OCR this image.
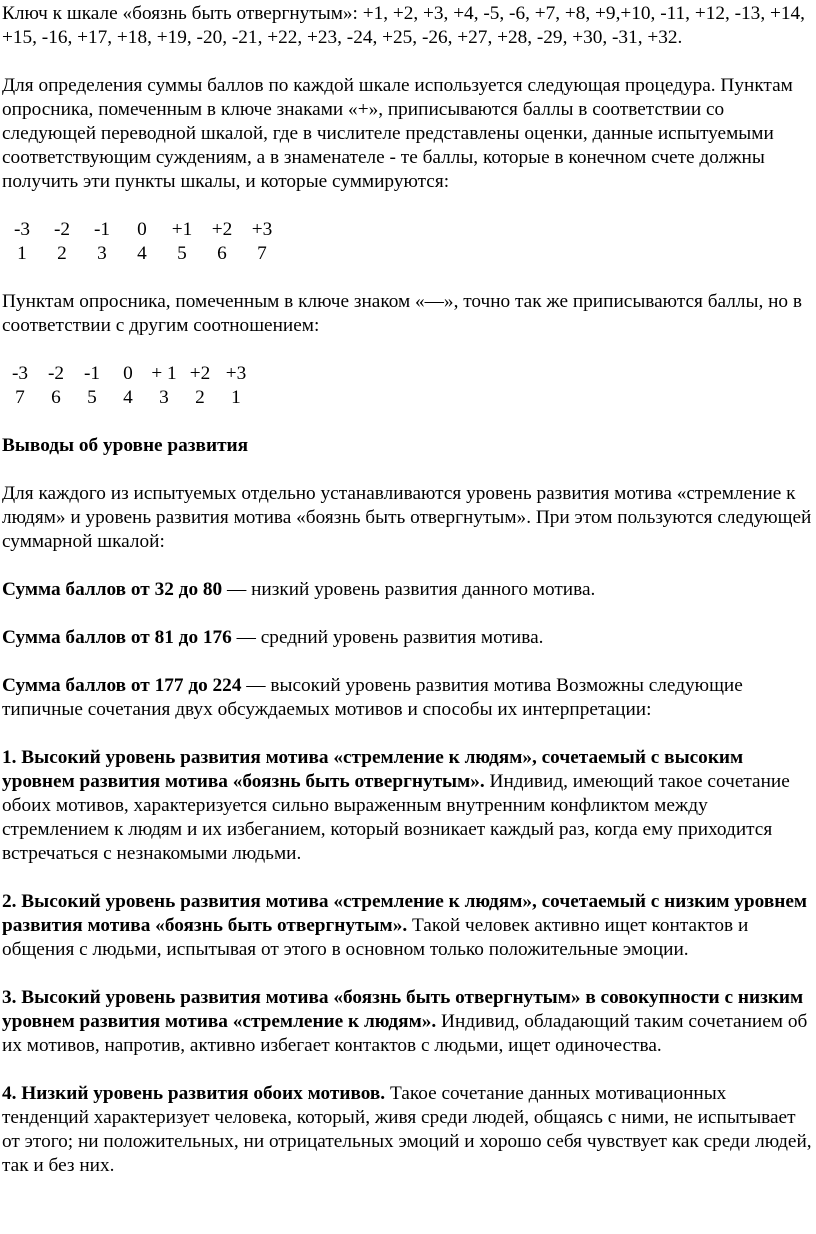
Ключ к шкале «боязнь быть отвергнутым»: +1, +2, +3, +4, -5, -6, +7, +8, +9,+10, -11, +12, -13, +14, +15, -16, +17, +18, +19, -20, -21, +22, +23, -24, +25, -26, +27, +28, -29, +30, -31, +32.

Для определения суммы баллов по каждой шкале используется следующая процедура. Пунктам опросника, помеченным в ключе знаками «+», приписываются баллы в соответствии со следующей переводной шкалой, где в числителе представлены оценки, данные испытуемыми соответствующим суждениям, а в знаменателе - те баллы, которые в конечном счете должны получить эти пункты шкалы, и которые суммируются:

-3	-2	-1	0	+1	+2	+3
1	2	3	4	5	6	7

Пунктам опросника, помеченным в ключе знаком «—», точно так же приписываются баллы, но в соответствии с другим соотношением:

-3	-2	-1	0	+ 1	+2	+3
7	6	5	4	3	2	1

Выводы об уровне развития

Для каждого из испытуемых отдельно устанавливаются уровень развития мотива «стремление к людям» и уровень развития мотива «боязнь быть отвергнутым». При этом пользуются следующей суммарной шкалой:

Сумма баллов от 32 до 80 — низкий уровень развития данного мотива.

Сумма баллов от 81 до 176 — средний уровень развития мотива.

Сумма баллов от 177 до 224 — высокий уровень развития мотива Возможны следующие типичные сочетания двух обсуждаемых мотивов и способы их интерпретации:

1. Высокий уровень развития мотива «стремление к людям», сочетаемый с высоким уровнем развития мотива «боязнь быть отвергнутым». Индивид, имеющий такое сочетание обоих мотивов, характеризуется сильно выраженным внутренним конфликтом между стремлением к людям и их избеганием, который возникает каждый раз, когда ему приходится встречаться с незнакомыми людьми.

2. Высокий уровень развития мотива «стремление к людям», сочетаемый с низким уровнем развития мотива «боязнь быть отвергнутым». Такой человек активно ищет контактов и общения с людьми, испытывая от этого в основном только положительные эмоции.

3. Высокий уровень развития мотива «боязнь быть отвергнутым» в совокупности с низким уровнем развития мотива «стремление к людям». Индивид, обладающий таким сочетанием об их мотивов, напротив, активно избегает контактов с людьми, ищет одиночества.

4. Низкий уровень развития обоих мотивов. Такое сочетание данных мотивационных тенденций характеризует человека, который, живя среди людей, общаясь с ними, не испытывает от этого; ни положительных, ни отрицательных эмоций и хорошо себя чувствует как среди людей, так и без них.
